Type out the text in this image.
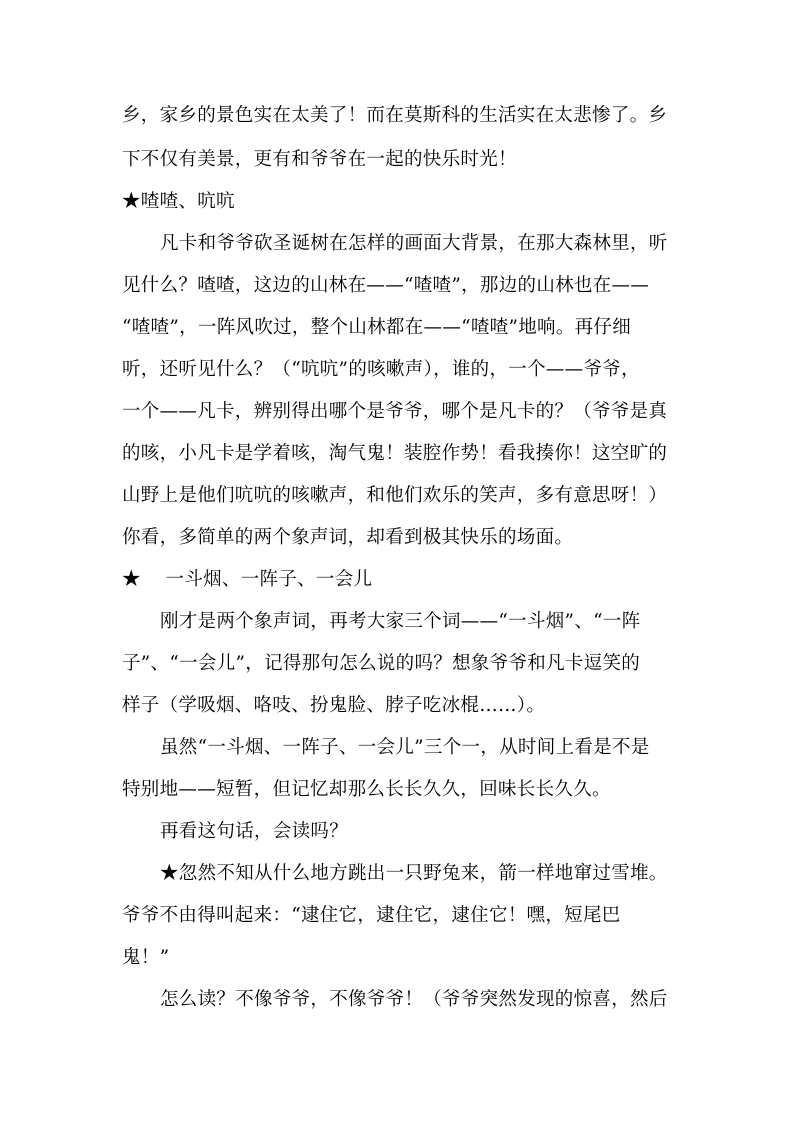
乡，家乡的景色实在太美了！而在莫斯科的生活实在太悲惨了。乡
下不仅有美景，更有和爷爷在一起的快乐时光！
★喳喳、吭吭
凡卡和爷爷砍圣诞树在怎样的画面大背景，在那大森林里，听
见什么？喳喳，这边的山林在——“喳喳”，那边的山林也在——
“喳喳”，一阵风吹过，整个山林都在——“喳喳”地响。再仔细
听，还听见什么？（“吭吭”的咳嗽声），谁的，一个——爷爷，
一个——凡卡，辨别得出哪个是爷爷，哪个是凡卡的？（爷爷是真
的咳，小凡卡是学着咳，淘气鬼！装腔作势！看我揍你！这空旷的
山野上是他们吭吭的咳嗽声，和他们欢乐的笑声，多有意思呀！）
你看，多简单的两个象声词，却看到极其快乐的场面。
★    一斗烟、一阵子、一会儿
刚才是两个象声词，再考大家三个词——“一斗烟”、“一阵
子”、“一会儿”，记得那句怎么说的吗？想象爷爷和凡卡逗笑的
样子（学吸烟、咯吱、扮鬼脸、脖子吃冰棍……）。
虽然“一斗烟、一阵子、一会儿”三个一，从时间上看是不是
特别地——短暂，但记忆却那么长长久久，回味长长久久。
再看这句话，会读吗？
★忽然不知从什么地方跳出一只野兔来，箭一样地窜过雪堆。
爷爷不由得叫起来：“逮住它，逮住它，逮住它！嘿，短尾巴
鬼！”
怎么读？不像爷爷，不像爷爷！（爷爷突然发现的惊喜，然后
